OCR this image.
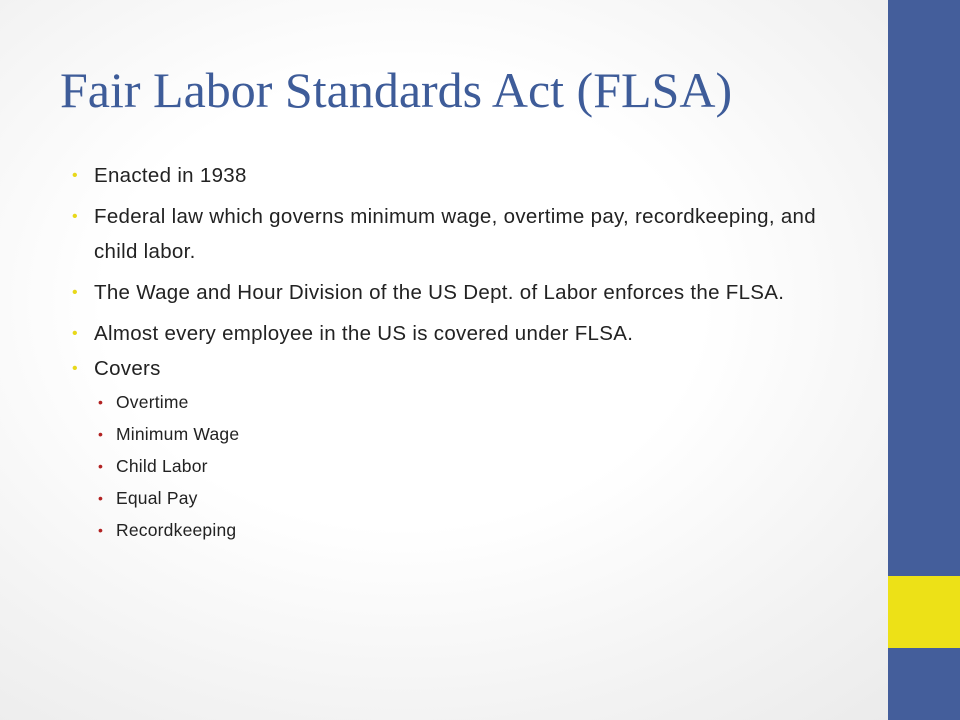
Fair Labor Standards Act (FLSA)
• Enacted in 1938
• Federal law which governs minimum wage, overtime pay, recordkeeping, and child labor.
• The Wage and Hour Division of the US Dept. of Labor enforces the FLSA.
• Almost every employee in the US is covered under FLSA.
• Covers
• Overtime
• Minimum Wage
• Child Labor
• Equal Pay
• Recordkeeping
